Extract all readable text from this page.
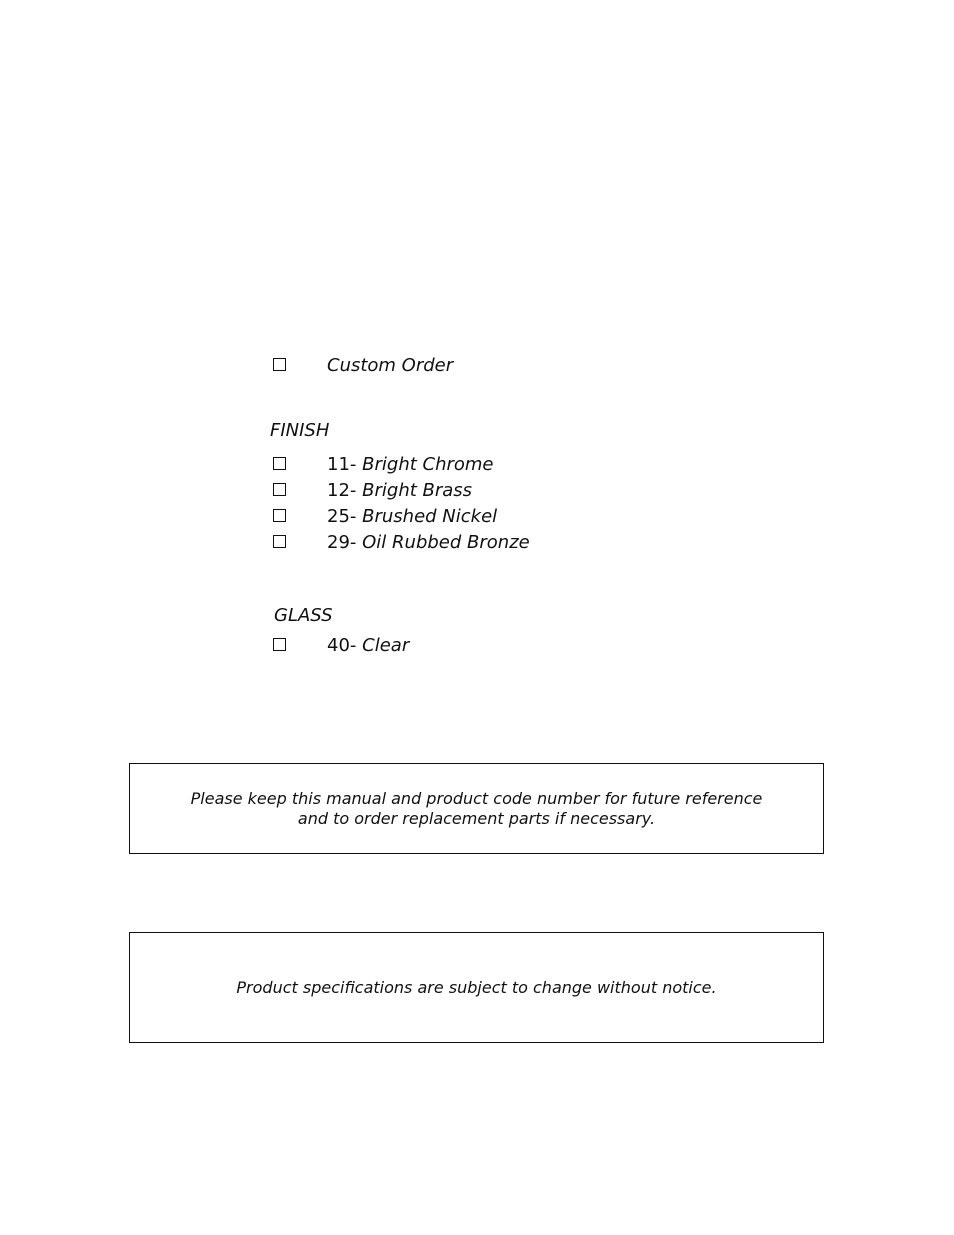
Custom Order
FINISH
11- Bright Chrome
12- Bright Brass
25- Brushed Nickel
29- Oil Rubbed Bronze
GLASS
40- Clear
Please keep this manual and product code number for future reference
and to order replacement parts if necessary.
Product specifications are subject to change without notice.
